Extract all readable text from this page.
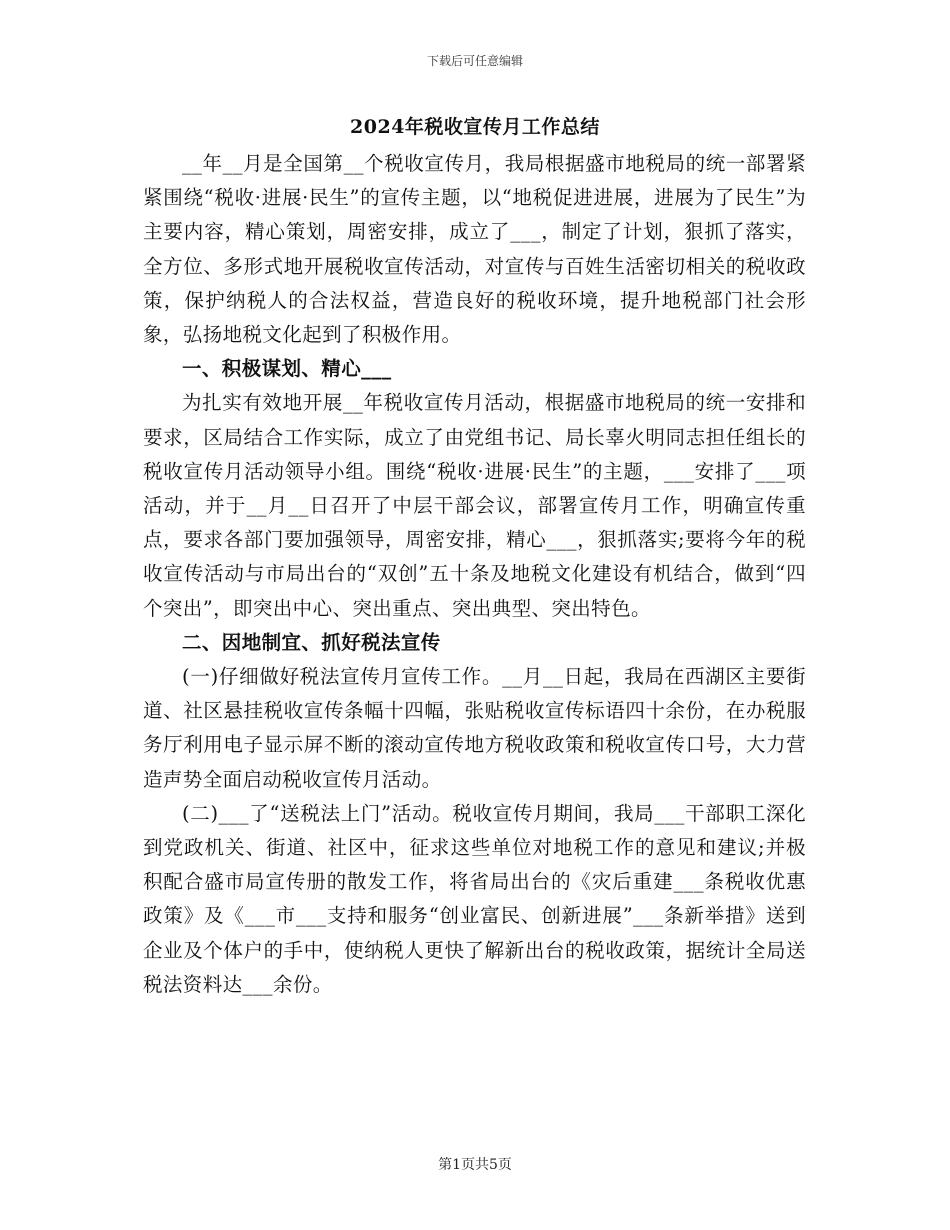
下载后可任意编辑
2024年税收宣传月工作总结

__年__月是全国第__个税收宣传月，我局根据盛市地税局的统一部署紧紧围绕“税收·进展·民生”的宣传主题，以“地税促进进展，进展为了民生”为主要内容，精心策划，周密安排，成立了___，制定了计划，狠抓了落实，全方位、多形式地开展税收宣传活动，对宣传与百姓生活密切相关的税收政策，保护纳税人的合法权益，营造良好的税收环境，提升地税部门社会形象，弘扬地税文化起到了积极作用。

一、积极谋划、精心___

为扎实有效地开展__年税收宣传月活动，根据盛市地税局的统一安排和要求，区局结合工作实际，成立了由党组书记、局长辜火明同志担任组长的税收宣传月活动领导小组。围绕“税收·进展·民生”的主题，___安排了___项活动，并于__月__日召开了中层干部会议，部署宣传月工作，明确宣传重点，要求各部门要加强领导，周密安排，精心___，狠抓落实;要将今年的税收宣传活动与市局出台的“双创”五十条及地税文化建设有机结合，做到“四个突出”，即突出中心、突出重点、突出典型、突出特色。

二、因地制宜、抓好税法宣传

(一)仔细做好税法宣传月宣传工作。__月__日起，我局在西湖区主要街道、社区悬挂税收宣传条幅十四幅，张贴税收宣传标语四十余份，在办税服务厅利用电子显示屏不断的滚动宣传地方税收政策和税收宣传口号，大力营造声势全面启动税收宣传月活动。

(二)___了“送税法上门”活动。税收宣传月期间，我局___干部职工深化到党政机关、街道、社区中，征求这些单位对地税工作的意见和建议;并极积配合盛市局宣传册的散发工作，将省局出台的《灾后重建___条税收优惠政策》及《___市___支持和服务“创业富民、创新进展”___条新举措》送到企业及个体户的手中，使纳税人更快了解新出台的税收政策，据统计全局送税法资料达___余份。

第1页共5页
